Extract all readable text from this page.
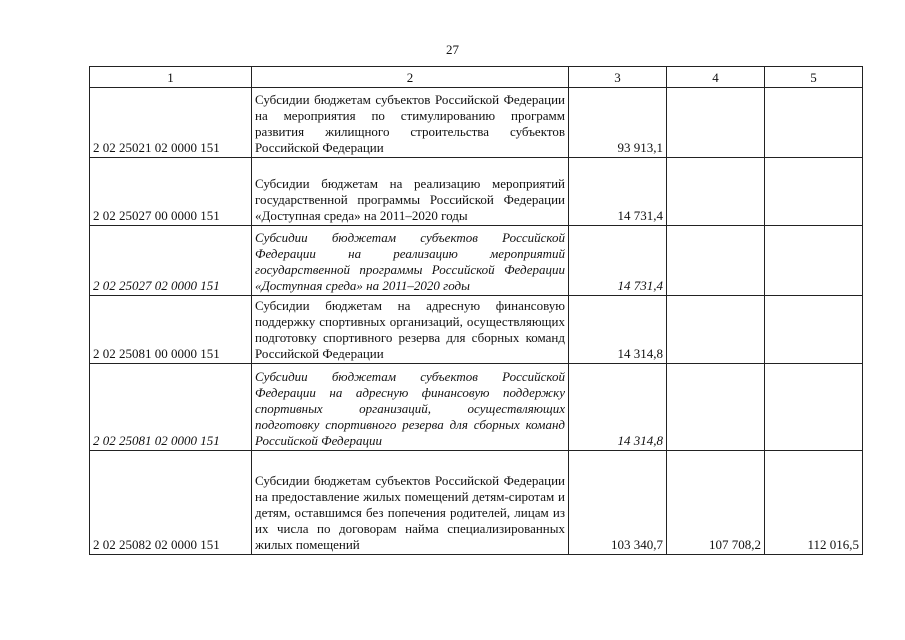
27
1	2	3	4	5
2 02 25021 02 0000 151	Субсидии бюджетам субъектов Российской Федерации на мероприятия по стимулированию программ развития жилищного строительства субъектов Российской Федерации	93 913,1		
2 02 25027 00 0000 151	Субсидии бюджетам на реализацию мероприятий государственной программы Российской Федерации «Доступная среда» на 2011–2020 годы	14 731,4		
2 02 25027 02 0000 151	Субсидии бюджетам субъектов Российской Федерации на реализацию мероприятий государственной программы Российской Федерации «Доступная среда» на 2011–2020 годы	14 731,4		
2 02 25081 00 0000 151	Субсидии бюджетам на адресную финансовую поддержку спортивных организаций, осуществляющих подготовку спортивного резерва для сборных команд Российской Федерации	14 314,8		
2 02 25081 02 0000 151	Субсидии бюджетам субъектов Российской Федерации на адресную финансовую поддержку спортивных организаций, осуществляющих подготовку спортивного резерва для сборных команд Российской Федерации	14 314,8		
2 02 25082 02 0000 151	Субсидии бюджетам субъектов Российской Федерации на предоставление жилых помещений детям-сиротам и детям, оставшимся без попечения родителей, лицам из их числа по договорам найма специализированных жилых помещений	103 340,7	107 708,2	112 016,5
